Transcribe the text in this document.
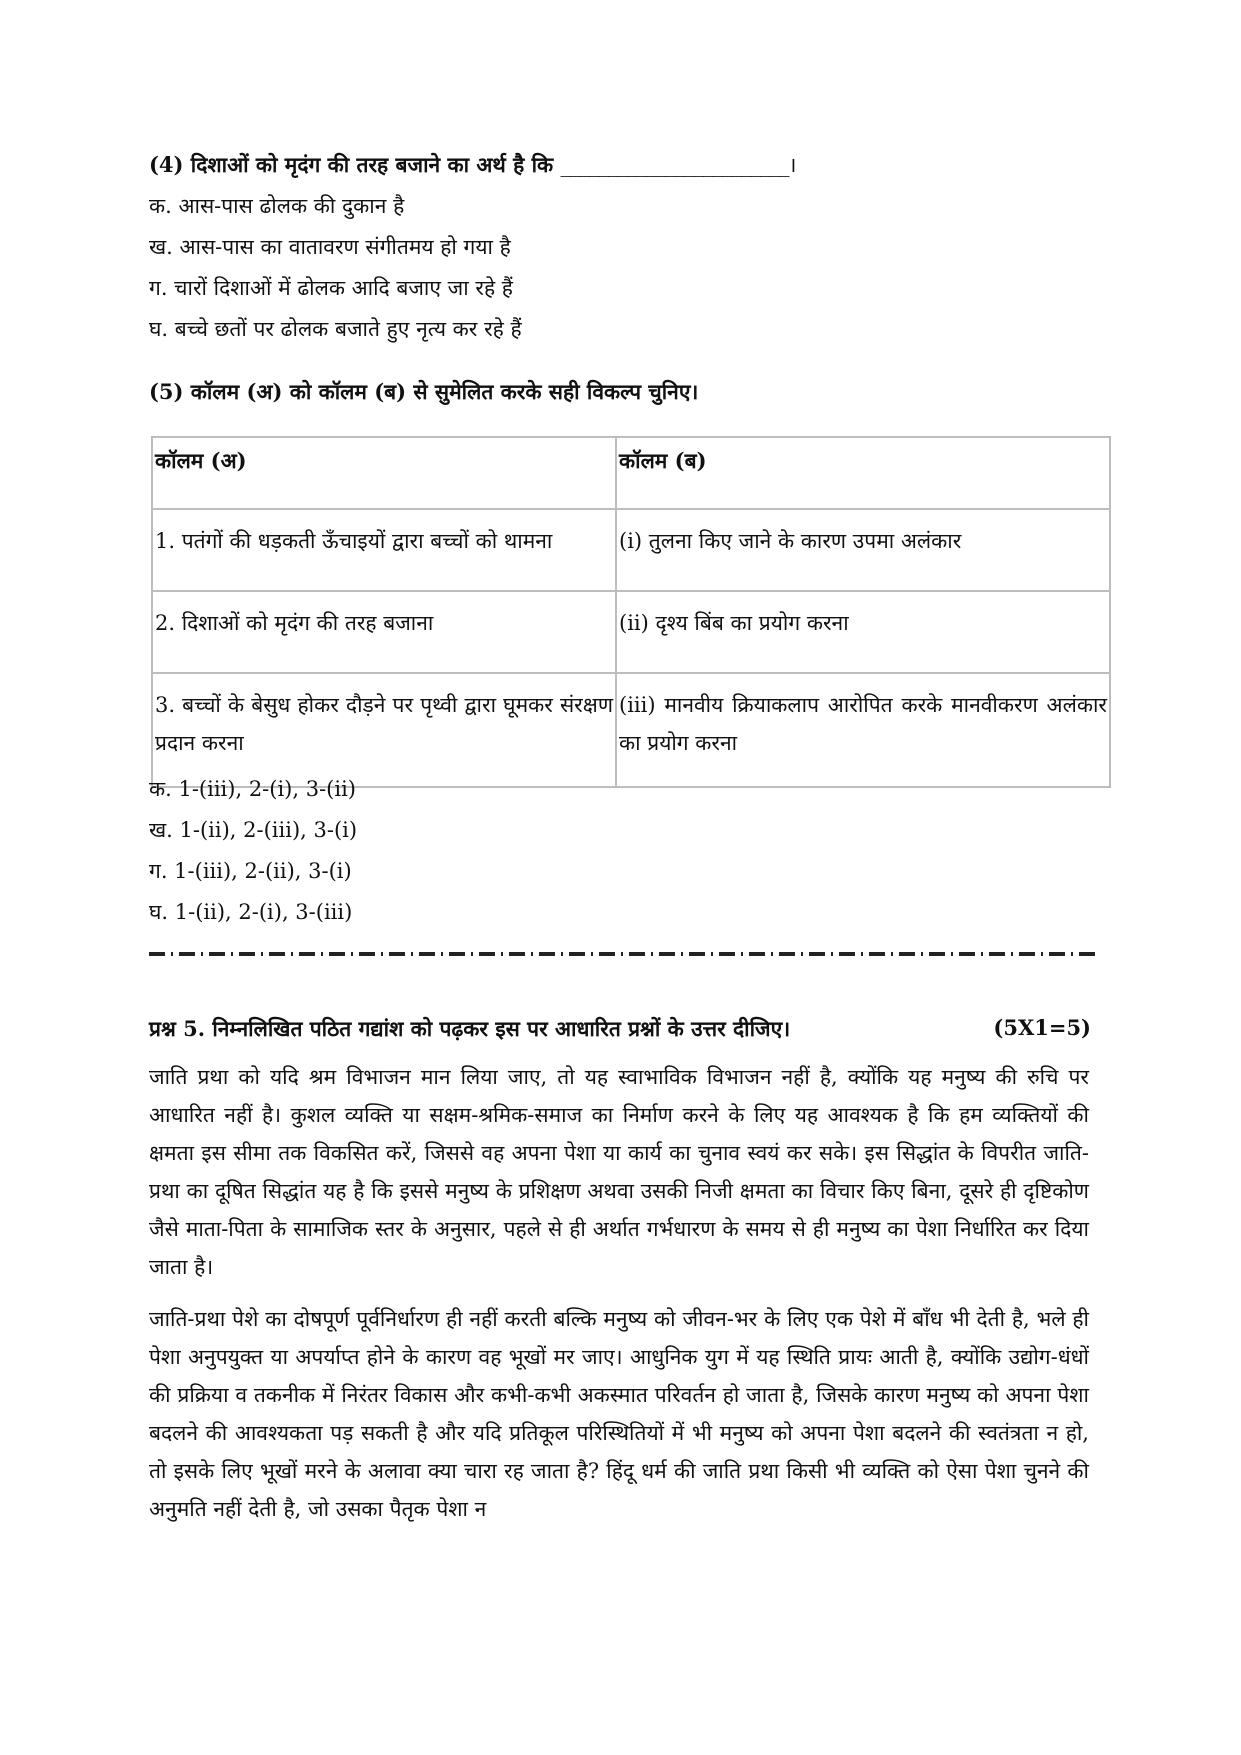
(4) दिशाओं को मृदंग की तरह बजाने का अर्थ है कि ________________________।
क. आस-पास ढोलक की दुकान है
ख. आस-पास का वातावरण संगीतमय हो गया है
ग. चारों दिशाओं में ढोलक आदि बजाए जा रहे हैं
घ. बच्चे छतों पर ढोलक बजाते हुए नृत्य कर रहे हैं
(5) कॉलम (अ) को कॉलम (ब) से सुमेलित करके सही विकल्प चुनिए।
कॉलम (अ)	कॉलम (ब)
1. पतंगों की धड़कती ऊँचाइयों द्वारा बच्चों को थामना	(i) तुलना किए जाने के कारण उपमा अलंकार
2. दिशाओं को मृदंग की तरह बजाना	(ii) दृश्य बिंब का प्रयोग करना
3. बच्चों के बेसुध होकर दौड़ने पर पृथ्वी द्वारा घूमकर संरक्षण प्रदान करना	(iii) मानवीय क्रियाकलाप आरोपित करके मानवीकरण अलंकार का प्रयोग करना
क. 1-(iii), 2-(i), 3-(ii)
ख. 1-(ii), 2-(iii), 3-(i)
ग. 1-(iii), 2-(ii), 3-(i)
घ. 1-(ii), 2-(i), 3-(iii)
प्रश्न 5. निम्नलिखित पठित गद्यांश को पढ़कर इस पर आधारित प्रश्नों के उत्तर दीजिए।	(5X1=5)
जाति प्रथा को यदि श्रम विभाजन मान लिया जाए, तो यह स्वाभाविक विभाजन नहीं है, क्योंकि यह मनुष्य की रुचि पर आधारित नहीं है। कुशल व्यक्ति या सक्षम-श्रमिक-समाज का निर्माण करने के लिए यह आवश्यक है कि हम व्यक्तियों की क्षमता इस सीमा तक विकसित करें, जिससे वह अपना पेशा या कार्य का चुनाव स्वयं कर सके। इस सिद्धांत के विपरीत जाति-प्रथा का दूषित सिद्धांत यह है कि इससे मनुष्य के प्रशिक्षण अथवा उसकी निजी क्षमता का विचार किए बिना, दूसरे ही दृष्टिकोण जैसे माता-पिता के सामाजिक स्तर के अनुसार, पहले से ही अर्थात गर्भधारण के समय से ही मनुष्य का पेशा निर्धारित कर दिया जाता है।
जाति-प्रथा पेशे का दोषपूर्ण पूर्वनिर्धारण ही नहीं करती बल्कि मनुष्य को जीवन-भर के लिए एक पेशे में बाँध भी देती है, भले ही पेशा अनुपयुक्त या अपर्याप्त होने के कारण वह भूखों मर जाए। आधुनिक युग में यह स्थिति प्रायः आती है, क्योंकि उद्योग-धंधों की प्रक्रिया व तकनीक में निरंतर विकास और कभी-कभी अकस्मात परिवर्तन हो जाता है, जिसके कारण मनुष्य को अपना पेशा बदलने की आवश्यकता पड़ सकती है और यदि प्रतिकूल परिस्थितियों में भी मनुष्य को अपना पेशा बदलने की स्वतंत्रता न हो, तो इसके लिए भूखों मरने के अलावा क्या चारा रह जाता है? हिंदू धर्म की जाति प्रथा किसी भी व्यक्ति को ऐसा पेशा चुनने की अनुमति नहीं देती है, जो उसका पैतृक पेशा न
